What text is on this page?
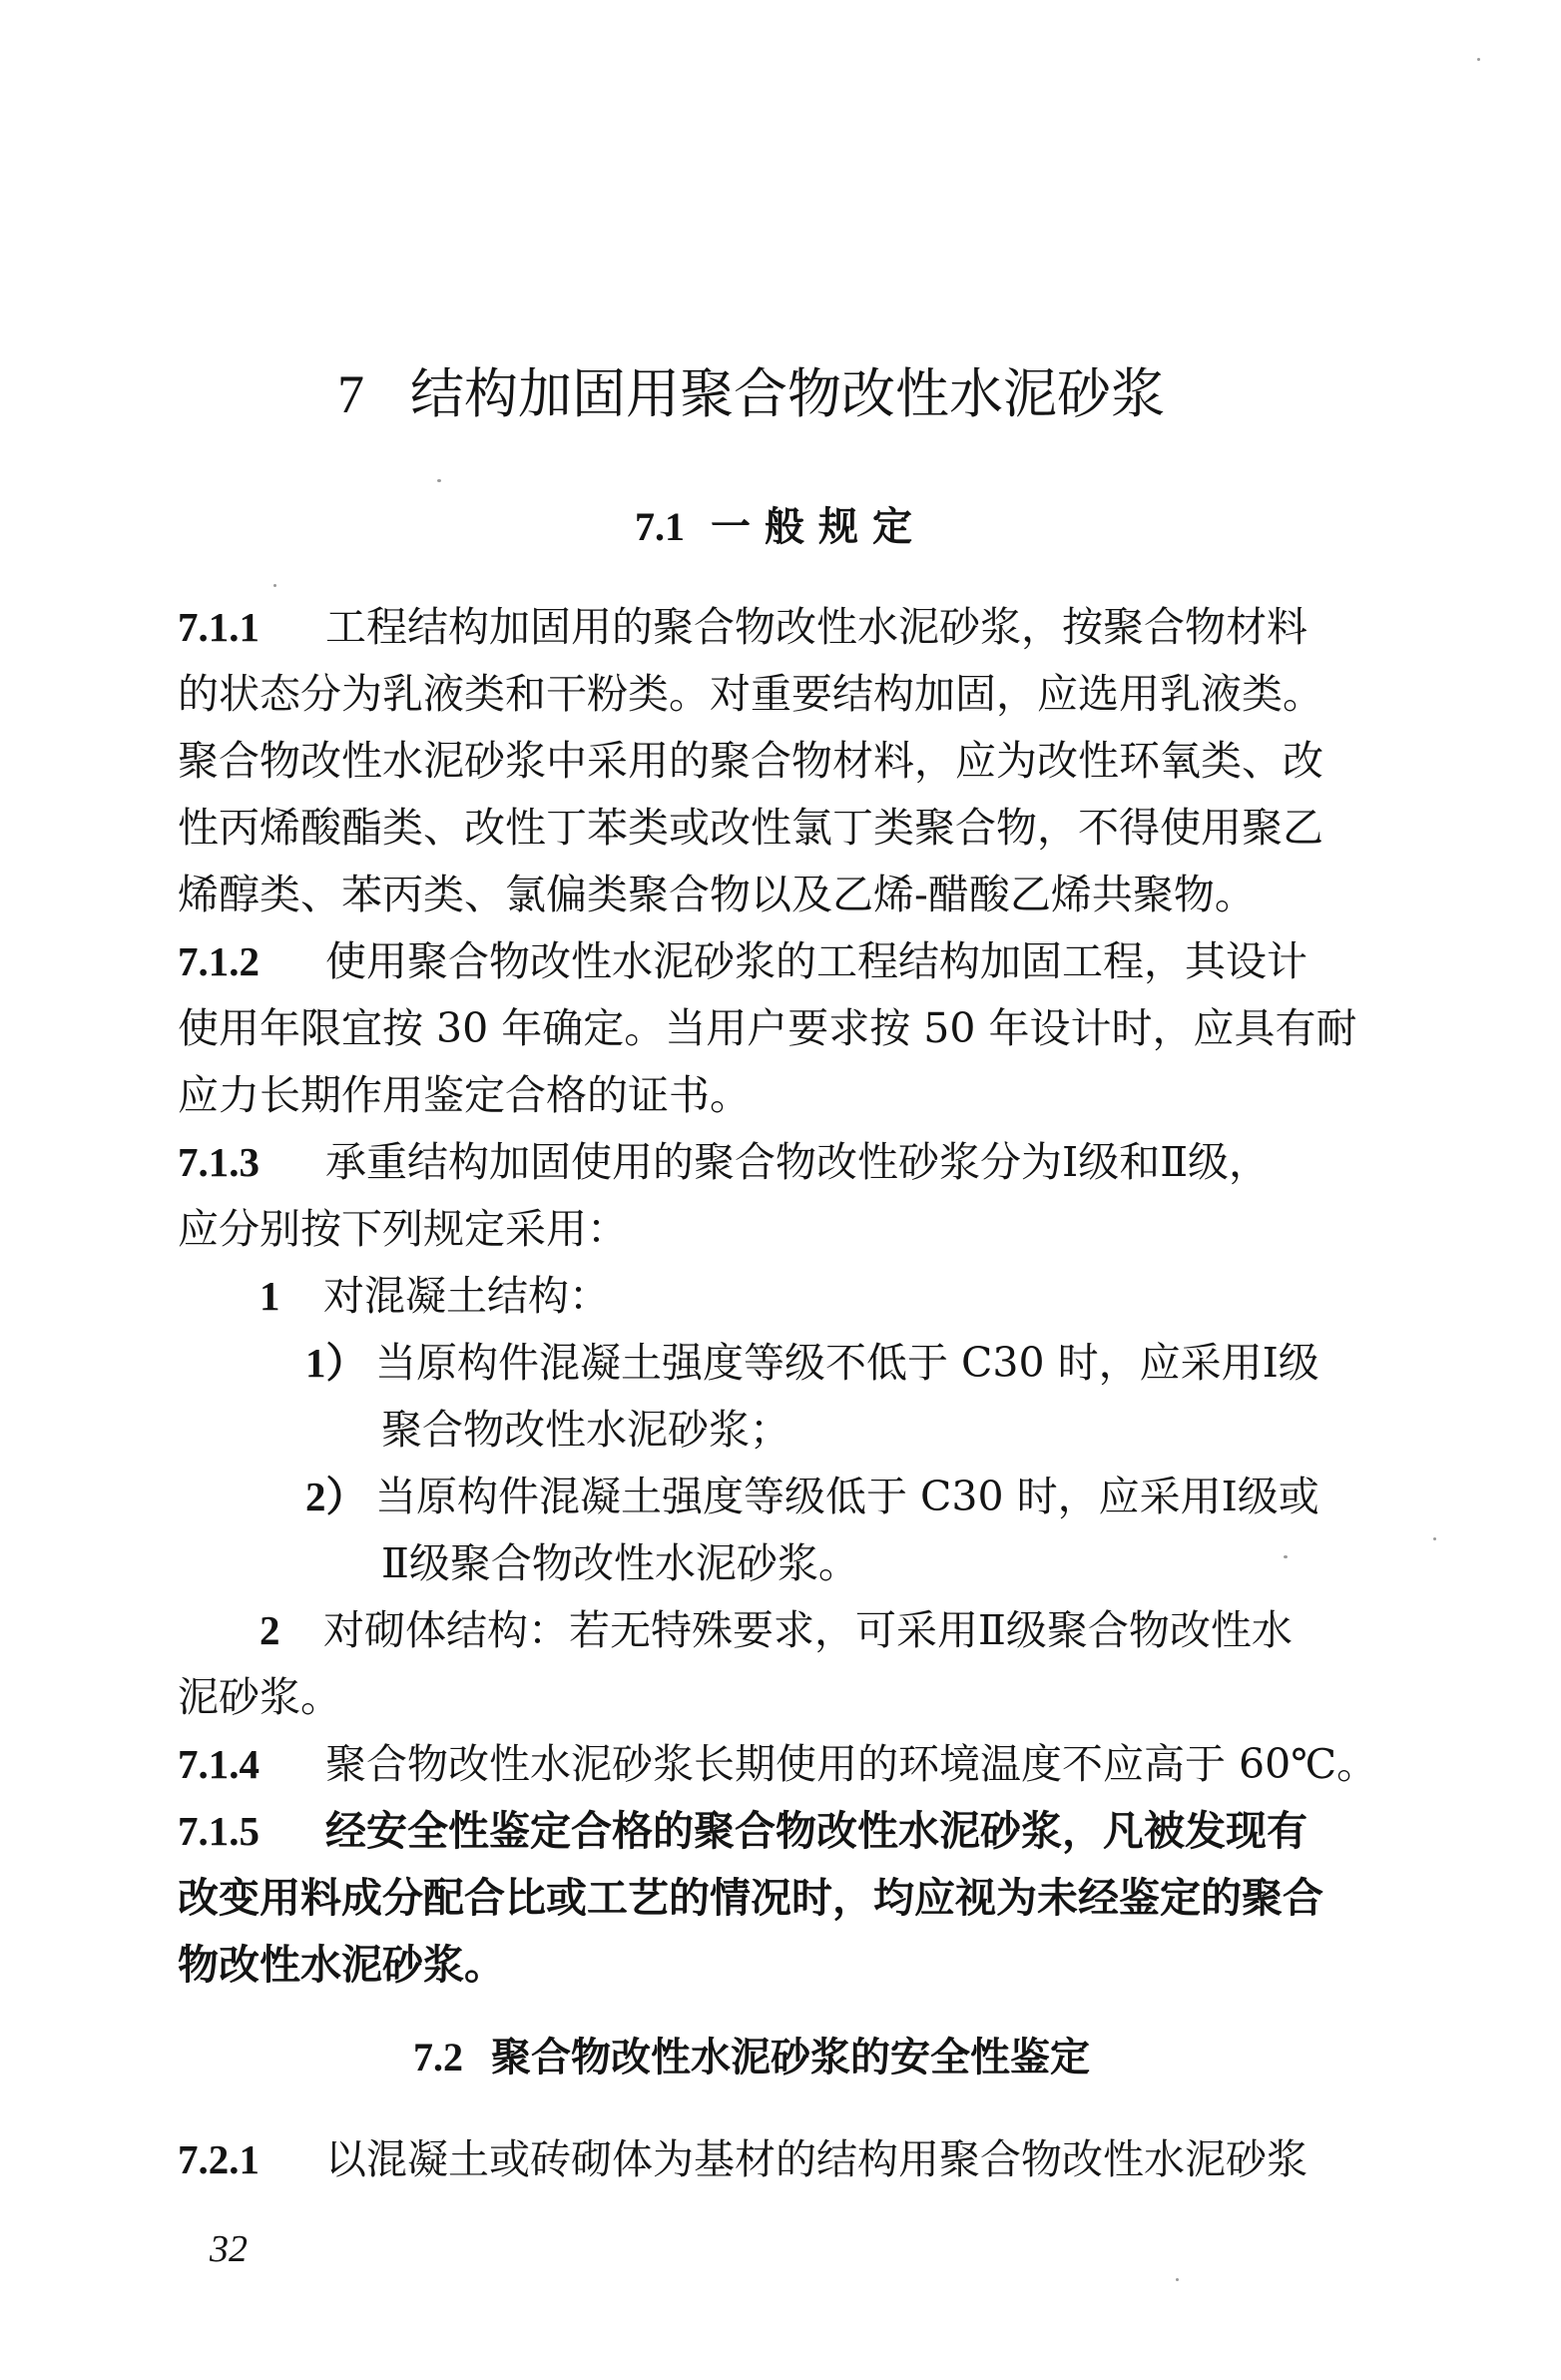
7 结构加固用聚合物改性水泥砂浆
7.1 一般规定
7.1.1 工程结构加固用的聚合物改性水泥砂浆，按聚合物材料
的状态分为乳液类和干粉类。对重要结构加固，应选用乳液类。
聚合物改性水泥砂浆中采用的聚合物材料，应为改性环氧类、改
性丙烯酸酯类、改性丁苯类或改性氯丁类聚合物，不得使用聚乙
烯醇类、苯丙类、氯偏类聚合物以及乙烯-醋酸乙烯共聚物。
7.1.2 使用聚合物改性水泥砂浆的工程结构加固工程，其设计
使用年限宜按 30 年确定。当用户要求按 50 年设计时，应具有耐
应力长期作用鉴定合格的证书。
7.1.3 承重结构加固使用的聚合物改性砂浆分为Ⅰ级和Ⅱ级，
应分别按下列规定采用：
1 对混凝土结构：
1） 当原构件混凝土强度等级不低于 C30 时，应采用Ⅰ级
聚合物改性水泥砂浆；
2） 当原构件混凝土强度等级低于 C30 时，应采用Ⅰ级或
Ⅱ级聚合物改性水泥砂浆。
2 对砌体结构：若无特殊要求，可采用Ⅱ级聚合物改性水
泥砂浆。
7.1.4 聚合物改性水泥砂浆长期使用的环境温度不应高于 60℃。
7.1.5 经安全性鉴定合格的聚合物改性水泥砂浆，凡被发现有
改变用料成分配合比或工艺的情况时，均应视为未经鉴定的聚合
物改性水泥砂浆。
7.2 聚合物改性水泥砂浆的安全性鉴定
7.2.1 以混凝土或砖砌体为基材的结构用聚合物改性水泥砂浆
32
